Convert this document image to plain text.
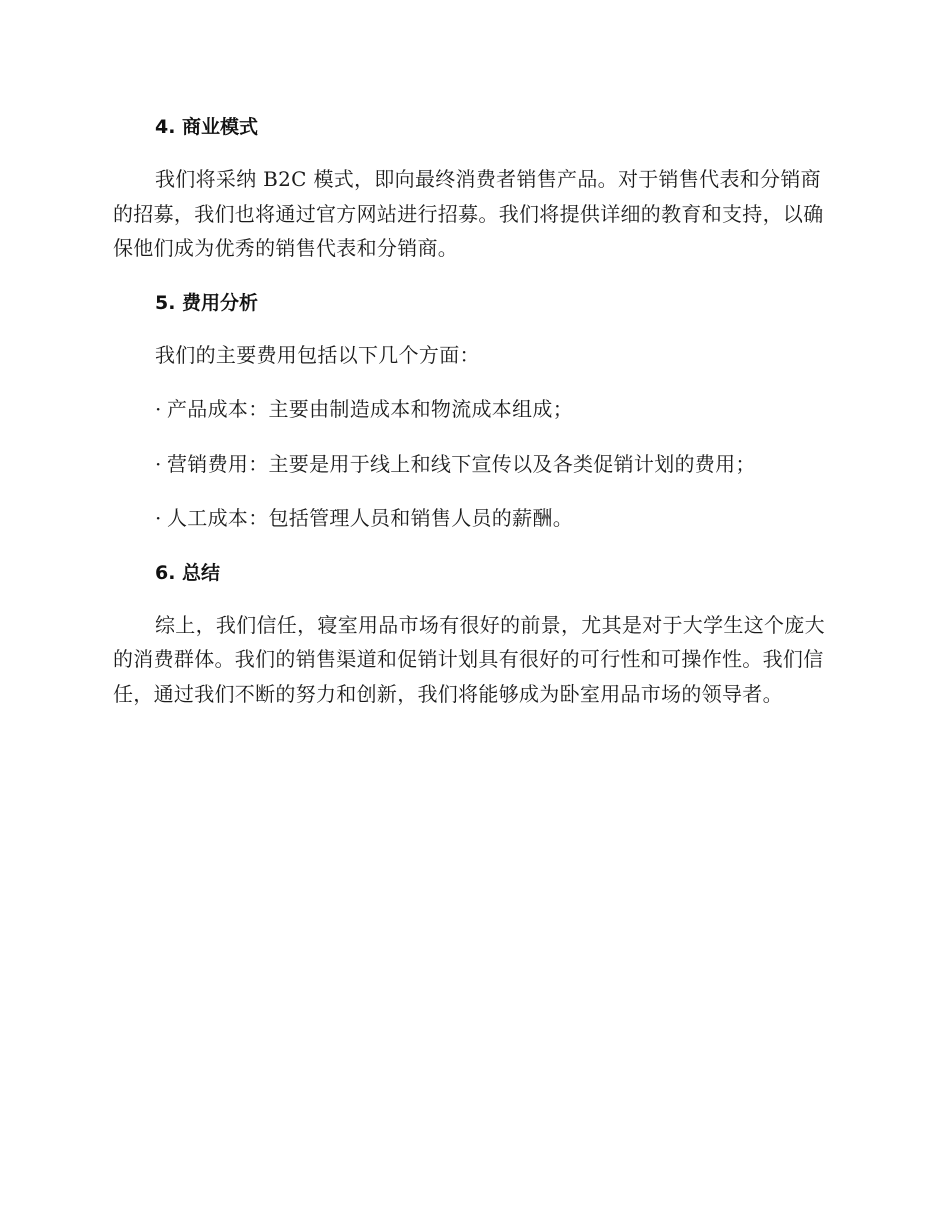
4. 商业模式

我们将采纳 B2C 模式，即向最终消费者销售产品。对于销售代表和分销商的招募，我们也将通过官方网站进行招募。我们将提供详细的教育和支持，以确保他们成为优秀的销售代表和分销商。

5. 费用分析

我们的主要费用包括以下几个方面：

· 产品成本：主要由制造成本和物流成本组成；

· 营销费用：主要是用于线上和线下宣传以及各类促销计划的费用；

· 人工成本：包括管理人员和销售人员的薪酬。

6. 总结

综上，我们信任，寝室用品市场有很好的前景，尤其是对于大学生这个庞大的消费群体。我们的销售渠道和促销计划具有很好的可行性和可操作性。我们信任，通过我们不断的努力和创新，我们将能够成为卧室用品市场的领导者。
